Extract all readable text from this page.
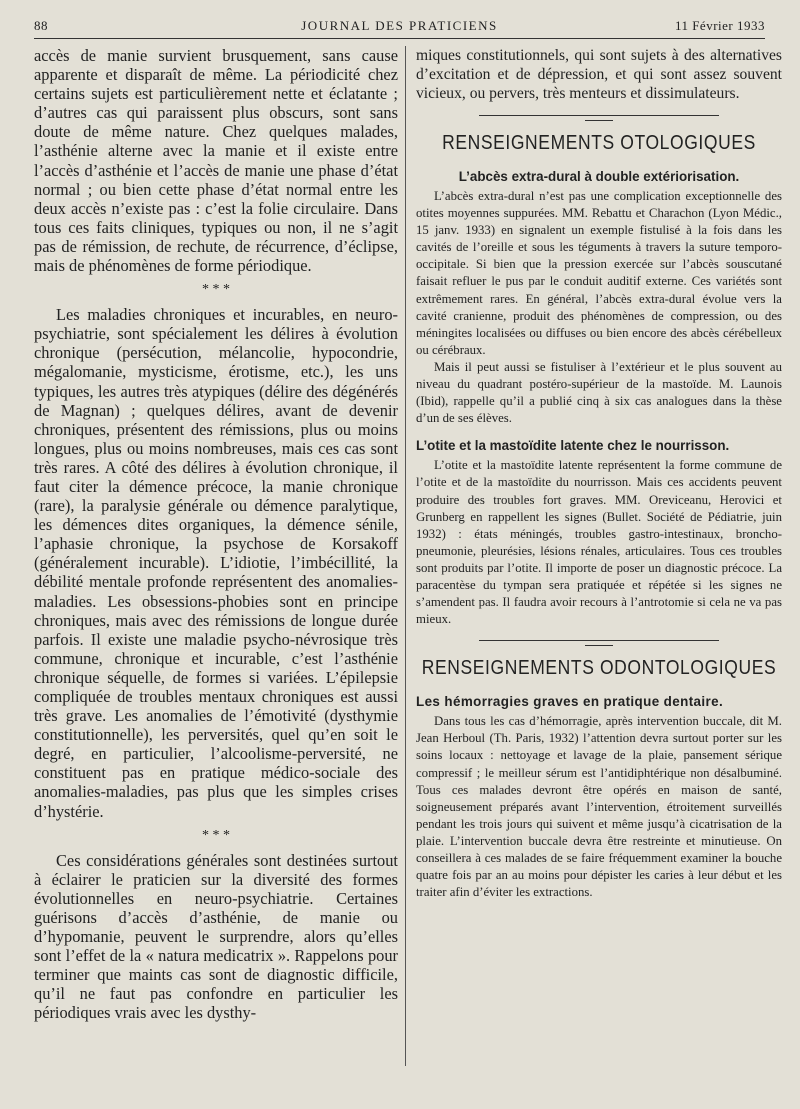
88	JOURNAL DES PRATICIENS	11 Février 1933

accès de manie survient brusquement, sans cause apparente et disparaît de même. La périodicité chez certains sujets est particulièrement nette et éclatante ; d’autres cas qui paraissent plus obscurs, sont sans doute de même nature. Chez quelques malades, l’asthénie alterne avec la manie et il existe entre l’accès d’asthénie et l’accès de manie une phase d’état normal ; ou bien cette phase d’état normal entre les deux accès n’existe pas : c’est la folie circulaire. Dans tous ces faits cliniques, typiques ou non, il ne s’agit pas de rémission, de rechute, de récurrence, d’éclipse, mais de phénomènes de forme périodique.

* * *

Les maladies chroniques et incurables, en neuro-psychiatrie, sont spécialement les délires à évolution chronique (persécution, mélancolie, hypocondrie, mégalomanie, mysticisme, érotisme, etc.), les uns typiques, les autres très atypiques (délire des dégénérés de Magnan) ; quelques délires, avant de devenir chroniques, présentent des rémissions, plus ou moins longues, plus ou moins nombreuses, mais ces cas sont très rares. A côté des délires à évolution chronique, il faut citer la démence précoce, la manie chronique (rare), la paralysie générale ou démence paralytique, les démences dites organiques, la démence sénile, l’aphasie chronique, la psychose de Korsakoff (généralement incurable). L’idiotie, l’imbécillité, la débilité mentale profonde représentent des anomalies-maladies. Les obsessions-phobies sont en principe chroniques, mais avec des rémissions de longue durée parfois. Il existe une maladie psycho-névrosique très commune, chronique et incurable, c’est l’asthénie chronique séquelle, de formes si variées. L’épilepsie compliquée de troubles mentaux chroniques est aussi très grave. Les anomalies de l’émotivité (dysthymie constitutionnelle), les perversités, quel qu’en soit le degré, en particulier, l’alcoolisme-perversité, ne constituent pas en pratique médico-sociale des anomalies-maladies, pas plus que les simples crises d’hystérie.

* * *

Ces considérations générales sont destinées surtout à éclairer le praticien sur la diversité des formes évolutionnelles en neuro-psychiatrie. Certaines guérisons d’accès d’asthénie, de manie ou d’hypomanie, peuvent le surprendre, alors qu’elles sont l’effet de la « natura medicatrix ». Rappelons pour terminer que maints cas sont de diagnostic difficile, qu’il ne faut pas confondre en particulier les périodiques vrais avec les dysthy-

miques constitutionnels, qui sont sujets à des alternatives d’excitation et de dépression, et qui sont assez souvent vicieux, ou pervers, très menteurs et dissimulateurs.

RENSEIGNEMENTS OTOLOGIQUES
L’abcès extra-dural à double extériorisation.

L’abcès extra-dural n’est pas une complication exceptionnelle des otites moyennes suppurées. MM. Rebattu et Charachon (Lyon Médic., 15 janv. 1933) en signalent un exemple fistulisé à la fois dans les cavités de l’oreille et sous les téguments à travers la suture temporo-occipitale. Si bien que la pression exercée sur l’abcès souscutané faisait refluer le pus par le conduit auditif externe. Ces variétés sont extrêmement rares. En général, l’abcès extra-dural évolue vers la cavité cranienne, produit des phénomènes de compression, ou des méningites localisées ou diffuses ou bien encore des abcès cérébelleux ou cérébraux.

Mais il peut aussi se fistuliser à l’extérieur et le plus souvent au niveau du quadrant postéro-supérieur de la mastoïde. M. Launois (Ibid), rappelle qu’il a publié cinq à six cas analogues dans la thèse d’un de ses élèves.

L’otite et la mastoïdite latente chez le nourrisson.

L’otite et la mastoïdite latente représentent la forme commune de l’otite et de la mastoïdite du nourrisson. Mais ces accidents peuvent produire des troubles fort graves. MM. Oreviceanu, Herovici et Grunberg en rappellent les signes (Bullet. Société de Pédiatrie, juin 1932) : états méningés, troubles gastro-intestinaux, broncho-pneumonie, pleurésies, lésions rénales, articulaires. Tous ces troubles sont produits par l’otite. Il importe de poser un diagnostic précoce. La paracentèse du tympan sera pratiquée et répétée si les signes ne s’amendent pas. Il faudra avoir recours à l’antrotomie si cela ne va pas mieux.

RENSEIGNEMENTS ODONTOLOGIQUES
Les hémorragies graves en pratique dentaire.

Dans tous les cas d’hémorragie, après intervention buccale, dit M. Jean Herboul (Th. Paris, 1932) l’attention devra surtout porter sur les soins locaux : nettoyage et lavage de la plaie, pansement sérique compressif ; le meilleur sérum est l’antidiphtérique non désalbuminé. Tous ces malades devront être opérés en maison de santé, soigneusement préparés avant l’intervention, étroitement surveillés pendant les trois jours qui suivent et même jusqu’à cicatrisation de la plaie. L’intervention buccale devra être restreinte et minutieuse. On conseillera à ces malades de se faire fréquemment examiner la bouche quatre fois par an au moins pour dépister les caries à leur début et les traiter afin d’éviter les extractions.
